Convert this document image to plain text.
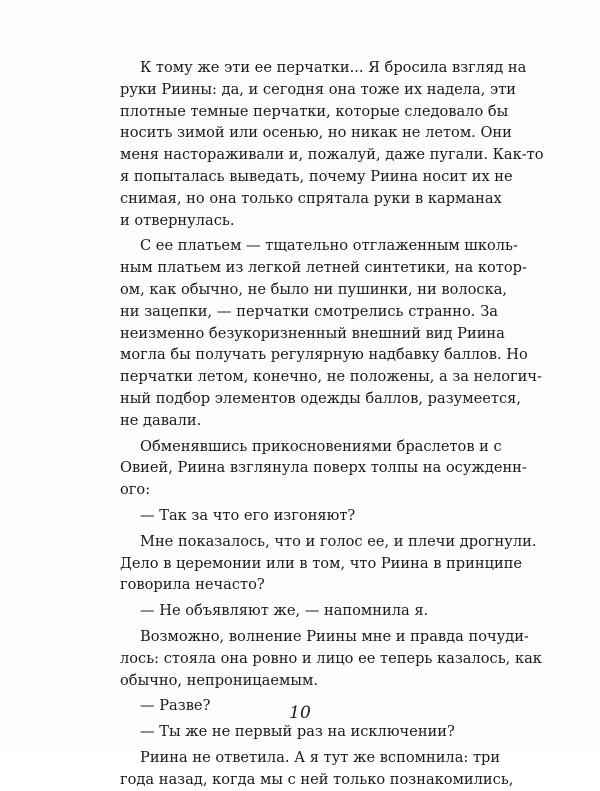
К тому же эти ее перчатки... Я бросила взгляд на
руки Риины: да, и сегодня она тоже их надела, эти
плотные темные перчатки, которые следовало бы
носить зимой или осенью, но никак не летом. Они
меня настораживали и, пожалуй, даже пугали. Как-то
я попыталась выведать, почему Риина носит их не
снимая, но она только спрятала руки в карманах
и отвернулась.
С ее платьем — тщательно отглаженным школь-
ным платьем из легкой летней синтетики, на котор-
ом, как обычно, не было ни пушинки, ни волоска,
ни зацепки, — перчатки смотрелись странно. За
неизменно безукоризненный внешний вид Риина
могла бы получать регулярную надбавку баллов. Но
перчатки летом, конечно, не положены, а за нелогич-
ный подбор элементов одежды баллов, разумеется,
не давали.
Обменявшись прикосновениями браслетов и с
Овией, Риина взглянула поверх толпы на осужденн-
ого:
— Так за что его изгоняют?
Мне показалось, что и голос ее, и плечи дрогнули.
Дело в церемонии или в том, что Риина в принципе
говорила нечасто?
— Не объявляют же, — напомнила я.
Возможно, волнение Риины мне и правда почуди-
лось: стояла она ровно и лицо ее теперь казалось, как
обычно, непроницаемым.
— Разве?
— Ты же не первый раз на исключении?
Риина не ответила. А я тут же вспомнила: три
года назад, когда мы с ней только познакомились,
10
